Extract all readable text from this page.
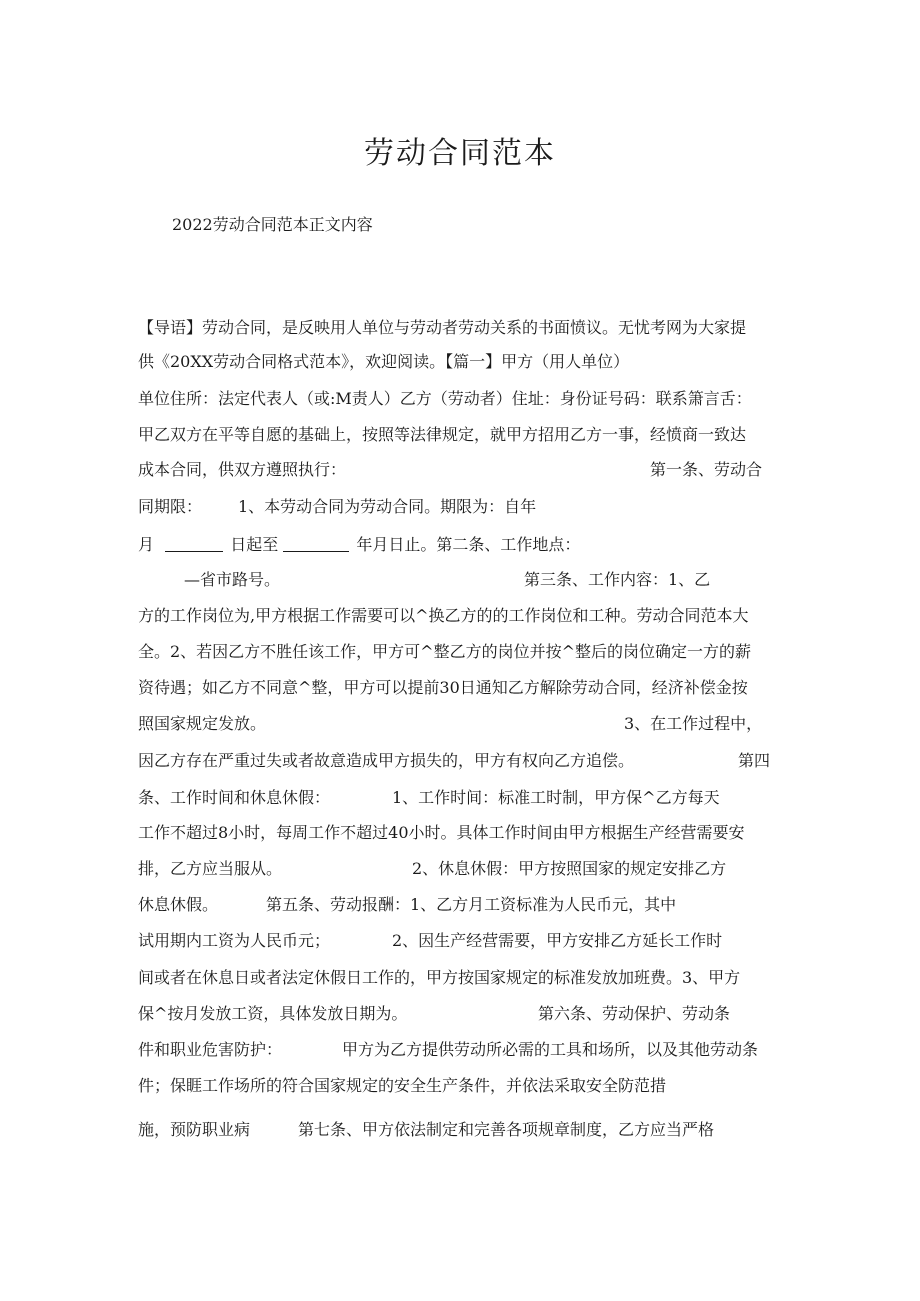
劳动合同范本
2022劳动合同范本正文内容
【导语】劳动合同，是反映用人单位与劳动者劳动关系的书面愤议。无忧考网为大家提
供《20XX劳动合同格式范本》，欢迎阅读。【篇一】甲方（用人单位）
单位住所：法定代表人（或:M责人）乙方（劳动者）住址：身份证号码：联系箫言舌：
甲乙双方在平等自愿的基础上，按照等法律规定，就甲方招用乙方一事，经愤商一致达
成本合同，供双方遵照执行：	第一条、劳动合
同期限： 1、本劳动合同为劳动合同。期限为：自年
月	日起至	年月日止。第二条、工作地点：
—省市路号。	第三条、工作内容：1、乙
方的工作岗位为,甲方根据工作需要可以^换乙方的的工作岗位和工种。劳动合同范本大
全。2、若因乙方不胜任该工作，甲方可^整乙方的岗位并按^整后的岗位确定一方的薪
资待遇；如乙方不同意^整，甲方可以提前30日通知乙方解除劳动合同，经济补偿金按
照国家规定发放。	3、在工作过程中，
因乙方存在严重过失或者故意造成甲方损失的，甲方有权向乙方追偿。	第四
条、工作时间和休息休假：	1、工作时间：标准工时制，甲方保^乙方每天
工作不超过8小时，每周工作不超过40小时。具体工作时间由甲方根据生产经营需要安
排，乙方应当服从。	2、休息休假：甲方按照国家的规定安排乙方
休息休假。	第五条、劳动报酬：1、乙方月工资标准为人民币元，其中
试用期内工资为人民币元；	2、因生产经营需要，甲方安排乙方延长工作时
间或者在休息日或者法定休假日工作的，甲方按国家规定的标准发放加班费。3、甲方
保^按月发放工资，具体发放日期为。	第六条、劳动保护、劳动条
件和职业危害防护：	甲方为乙方提供劳动所必需的工具和场所，以及其他劳动条
件；保睚工作场所的符合国家规定的安全生产条件，并依法采取安全防范措
施，预防职业病	第七条、甲方依法制定和完善各项规章制度，乙方应当严格
